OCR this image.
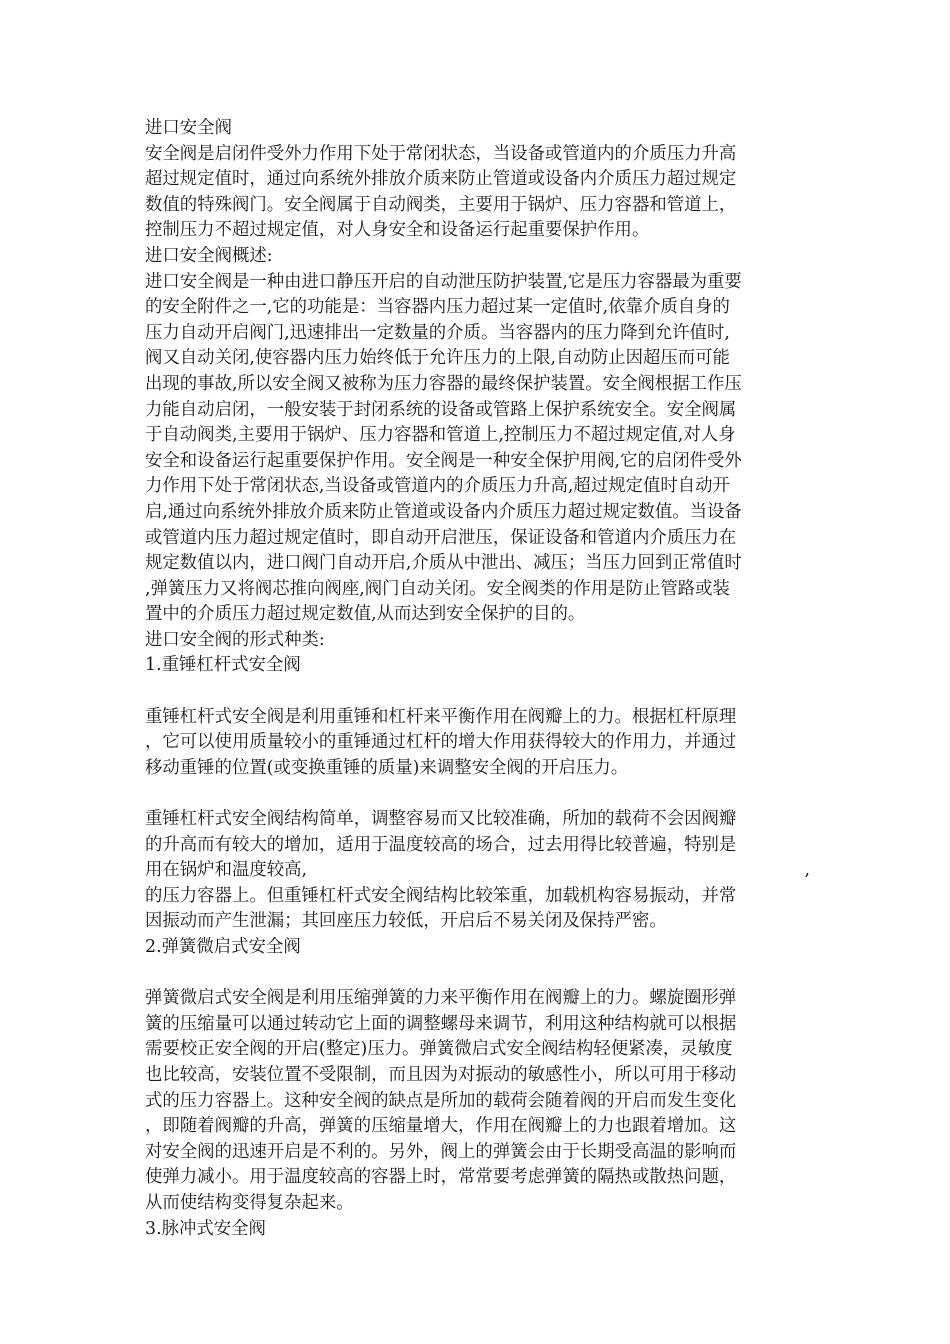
进口安全阀
安全阀是启闭件受外力作用下处于常闭状态，当设备或管道内的介质压力升高
超过规定值时，通过向系统外排放介质来防止管道或设备内介质压力超过规定
数值的特殊阀门。安全阀属于自动阀类，主要用于锅炉、压力容器和管道上，
控制压力不超过规定值，对人身安全和设备运行起重要保护作用。
进口安全阀概述:
进口安全阀是一种由进口静压开启的自动泄压防护装置,它是压力容器最为重要
的安全附件之一,它的功能是：当容器内压力超过某一定值时,依靠介质自身的
压力自动开启阀门,迅速排出一定数量的介质。当容器内的压力降到允许值时,
阀又自动关闭,使容器内压力始终低于允许压力的上限,自动防止因超压而可能
出现的事故,所以安全阀又被称为压力容器的最终保护装置。安全阀根据工作压
力能自动启闭，一般安装于封闭系统的设备或管路上保护系统安全。安全阀属
于自动阀类,主要用于锅炉、压力容器和管道上,控制压力不超过规定值,对人身
安全和设备运行起重要保护作用。安全阀是一种安全保护用阀,它的启闭件受外
力作用下处于常闭状态,当设备或管道内的介质压力升高,超过规定值时自动开
启,通过向系统外排放介质来防止管道或设备内介质压力超过规定数值。当设备
或管道内压力超过规定值时，即自动开启泄压，保证设备和管道内介质压力在
规定数值以内，进口阀门自动开启,介质从中泄出、减压；当压力回到正常值时
,弹簧压力又将阀芯推向阀座,阀门自动关闭。安全阀类的作用是防止管路或装
置中的介质压力超过规定数值,从而达到安全保护的目的。
进口安全阀的形式种类:
1.重锤杠杆式安全阀
重锤杠杆式安全阀是利用重锤和杠杆来平衡作用在阀瓣上的力。根据杠杆原理
，它可以使用质量较小的重锤通过杠杆的增大作用获得较大的作用力，并通过
移动重锤的位置(或变换重锤的质量)来调整安全阀的开启压力。
重锤杠杆式安全阀结构简单，调整容易而又比较准确，所加的载荷不会因阀瓣
的升高而有较大的增加，适用于温度较高的场合，过去用得比较普遍，特别是
用在锅炉和温度较高,	,
的压力容器上。但重锤杠杆式安全阀结构比较笨重，加载机构容易振动，并常
因振动而产生泄漏；其回座压力较低，开启后不易关闭及保持严密。
2.弹簧微启式安全阀
弹簧微启式安全阀是利用压缩弹簧的力来平衡作用在阀瓣上的力。螺旋圈形弹
簧的压缩量可以通过转动它上面的调整螺母来调节，利用这种结构就可以根据
需要校正安全阀的开启(整定)压力。弹簧微启式安全阀结构轻便紧凑，灵敏度
也比较高，安装位置不受限制，而且因为对振动的敏感性小，所以可用于移动
式的压力容器上。这种安全阀的缺点是所加的载荷会随着阀的开启而发生变化
，即随着阀瓣的升高，弹簧的压缩量增大，作用在阀瓣上的力也跟着增加。这
对安全阀的迅速开启是不利的。另外，阀上的弹簧会由于长期受高温的影响而
使弹力减小。用于温度较高的容器上时，常常要考虑弹簧的隔热或散热问题，
从而使结构变得复杂起来。
3.脉冲式安全阀
